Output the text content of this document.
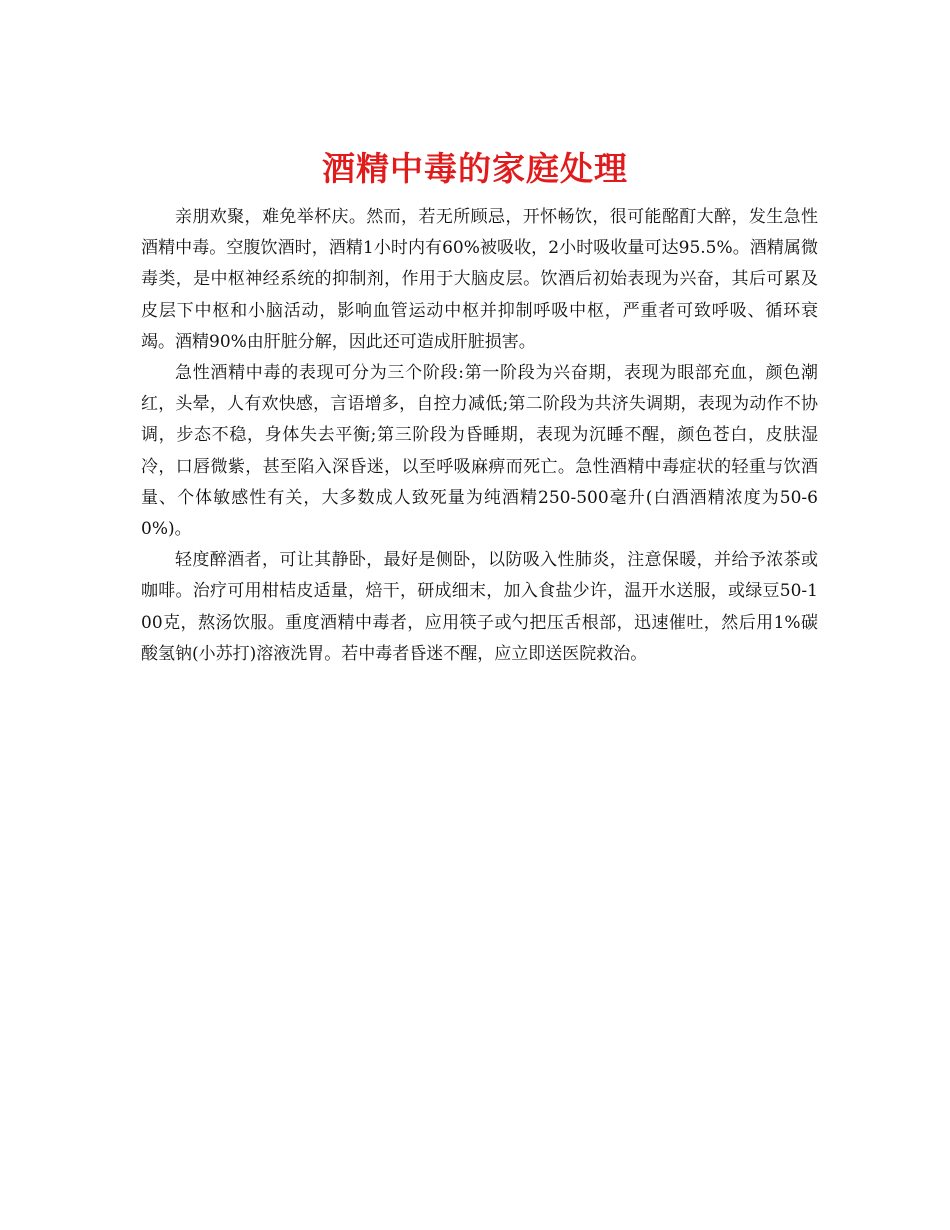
酒精中毒的家庭处理

亲朋欢聚，难免举杯庆。然而，若无所顾忌，开怀畅饮，很可能酩酊大醉，发生急性酒精中毒。空腹饮酒时，酒精1小时内有60%被吸收，2小时吸收量可达95.5%。酒精属微毒类，是中枢神经系统的抑制剂，作用于大脑皮层。饮酒后初始表现为兴奋，其后可累及皮层下中枢和小脑活动，影响血管运动中枢并抑制呼吸中枢，严重者可致呼吸、循环衰竭。酒精90%由肝脏分解，因此还可造成肝脏损害。

急性酒精中毒的表现可分为三个阶段:第一阶段为兴奋期，表现为眼部充血，颜色潮红，头晕，人有欢快感，言语增多，自控力减低;第二阶段为共济失调期，表现为动作不协调，步态不稳，身体失去平衡;第三阶段为昏睡期，表现为沉睡不醒，颜色苍白，皮肤湿冷，口唇微紫，甚至陷入深昏迷，以至呼吸麻痹而死亡。急性酒精中毒症状的轻重与饮酒量、个体敏感性有关，大多数成人致死量为纯酒精250-500毫升(白酒酒精浓度为50-60%)。

轻度醉酒者，可让其静卧，最好是侧卧，以防吸入性肺炎，注意保暖，并给予浓茶或咖啡。治疗可用柑桔皮适量，焙干，研成细末，加入食盐少许，温开水送服，或绿豆50-100克，熬汤饮服。重度酒精中毒者，应用筷子或勺把压舌根部，迅速催吐，然后用1%碳酸氢钠(小苏打)溶液洗胃。若中毒者昏迷不醒，应立即送医院救治。
